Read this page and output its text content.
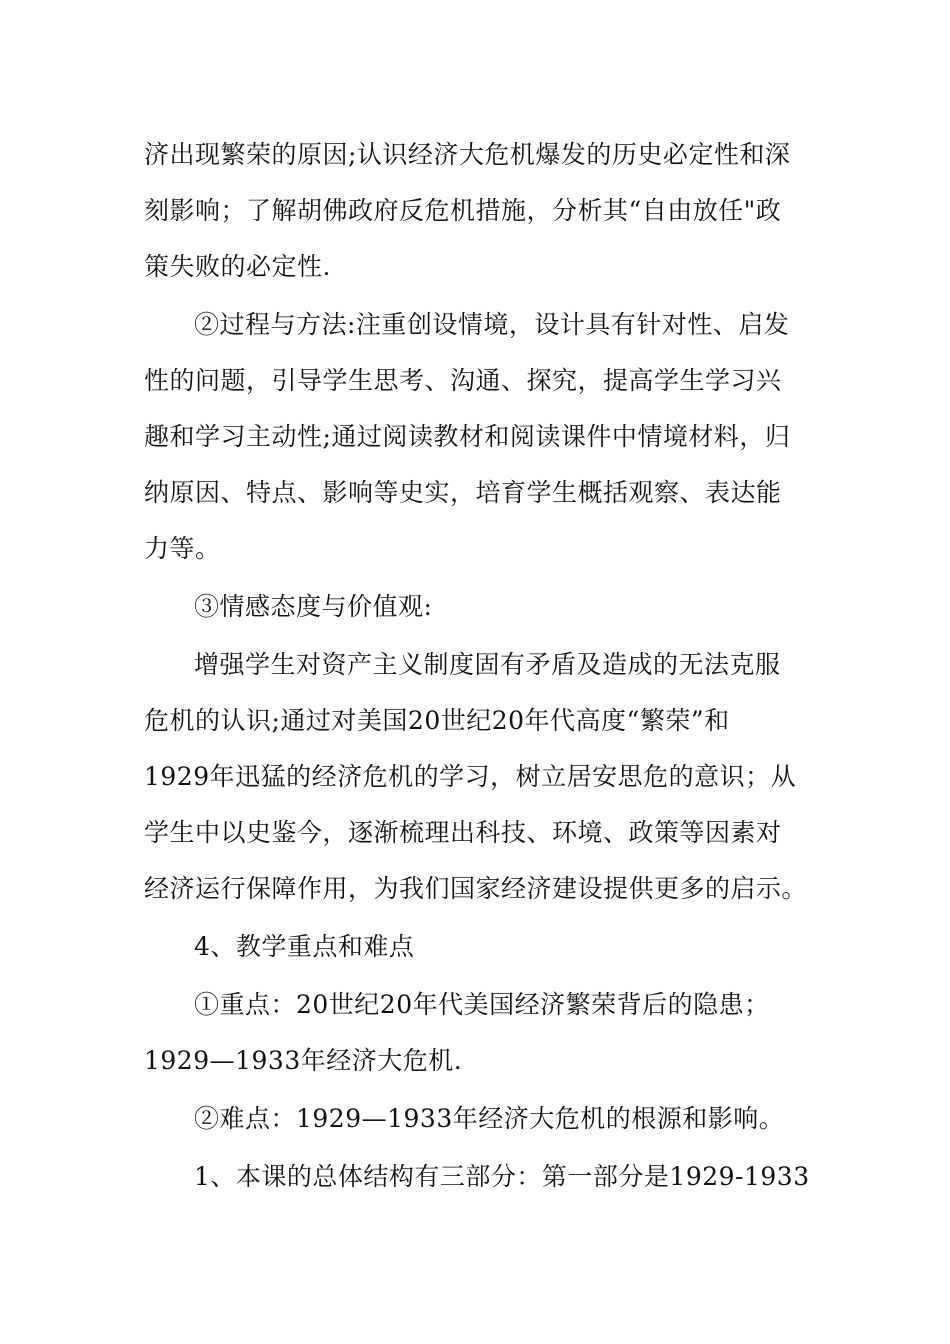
济出现繁荣的原因;认识经济大危机爆发的历史必定性和深
刻影响；了解胡佛政府反危机措施，分析其“自由放任"政
策失败的必定性.
②过程与方法:注重创设情境，设计具有针对性、启发
性的问题，引导学生思考、沟通、探究，提高学生学习兴
趣和学习主动性;通过阅读教材和阅读课件中情境材料，归
纳原因、特点、影响等史实，培育学生概括观察、表达能
力等。
③情感态度与价值观:
增强学生对资产主义制度固有矛盾及造成的无法克服
危机的认识;通过对美国20世纪20年代高度“繁荣”和
1929年迅猛的经济危机的学习，树立居安思危的意识；从
学生中以史鉴今，逐渐梳理出科技、环境、政策等因素对
经济运行保障作用，为我们国家经济建设提供更多的启示。
4、教学重点和难点
①重点：20世纪20年代美国经济繁荣背后的隐患；
1929—1933年经济大危机.
②难点：1929—1933年经济大危机的根源和影响。
1、本课的总体结构有三部分：第一部分是1929-1933
